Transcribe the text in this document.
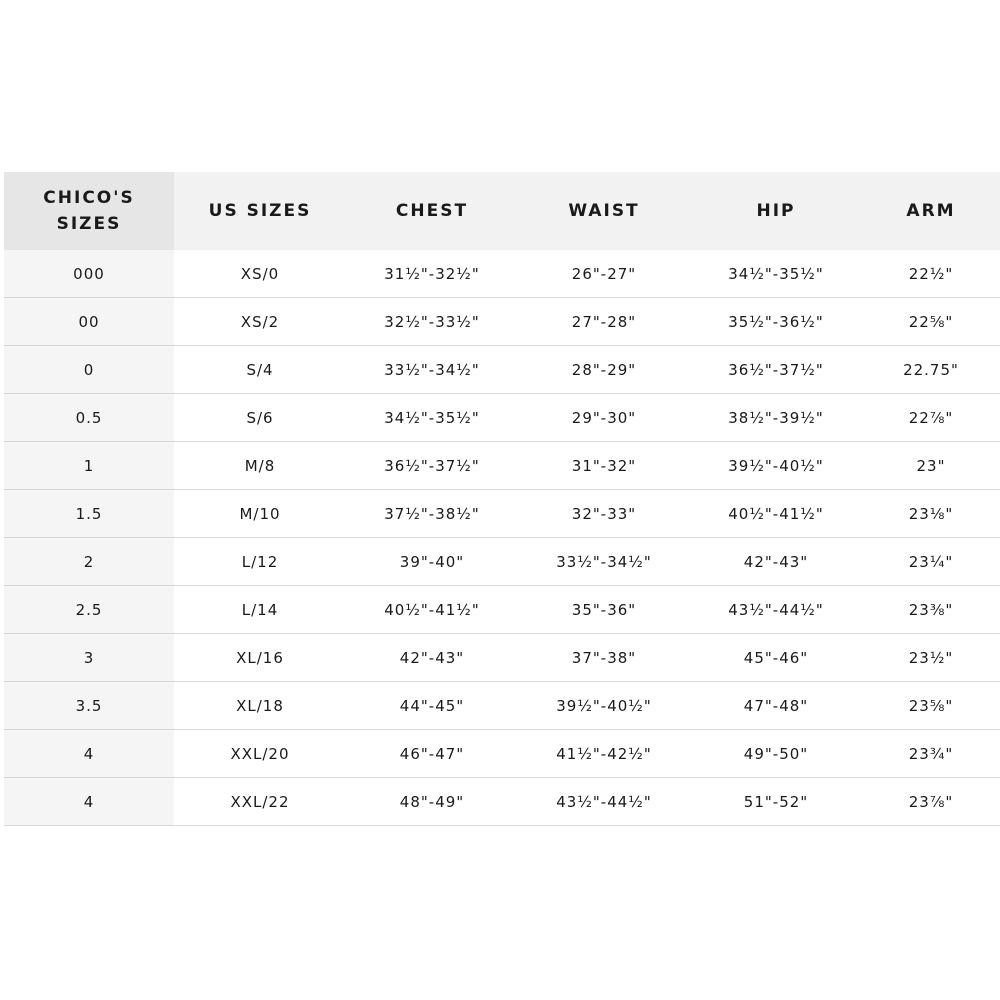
CHICO'S
SIZES	US SIZES	CHEST	WAIST	HIP	ARM
000	XS/0	31½"-32½"	26"-27"	34½"-35½"	22½"
00	XS/2	32½"-33½"	27"-28"	35½"-36½"	22⅝"
0	S/4	33½"-34½"	28"-29"	36½"-37½"	22.75"
0.5	S/6	34½"-35½"	29"-30"	38½"-39½"	22⅞"
1	M/8	36½"-37½"	31"-32"	39½"-40½"	23"
1.5	M/10	37½"-38½"	32"-33"	40½"-41½"	23⅛"
2	L/12	39"-40"	33½"-34½"	42"-43"	23¼"
2.5	L/14	40½"-41½"	35"-36"	43½"-44½"	23⅜"
3	XL/16	42"-43"	37"-38"	45"-46"	23½"
3.5	XL/18	44"-45"	39½"-40½"	47"-48"	23⅝"
4	XXL/20	46"-47"	41½"-42½"	49"-50"	23¾"
4	XXL/22	48"-49"	43½"-44½"	51"-52"	23⅞"
